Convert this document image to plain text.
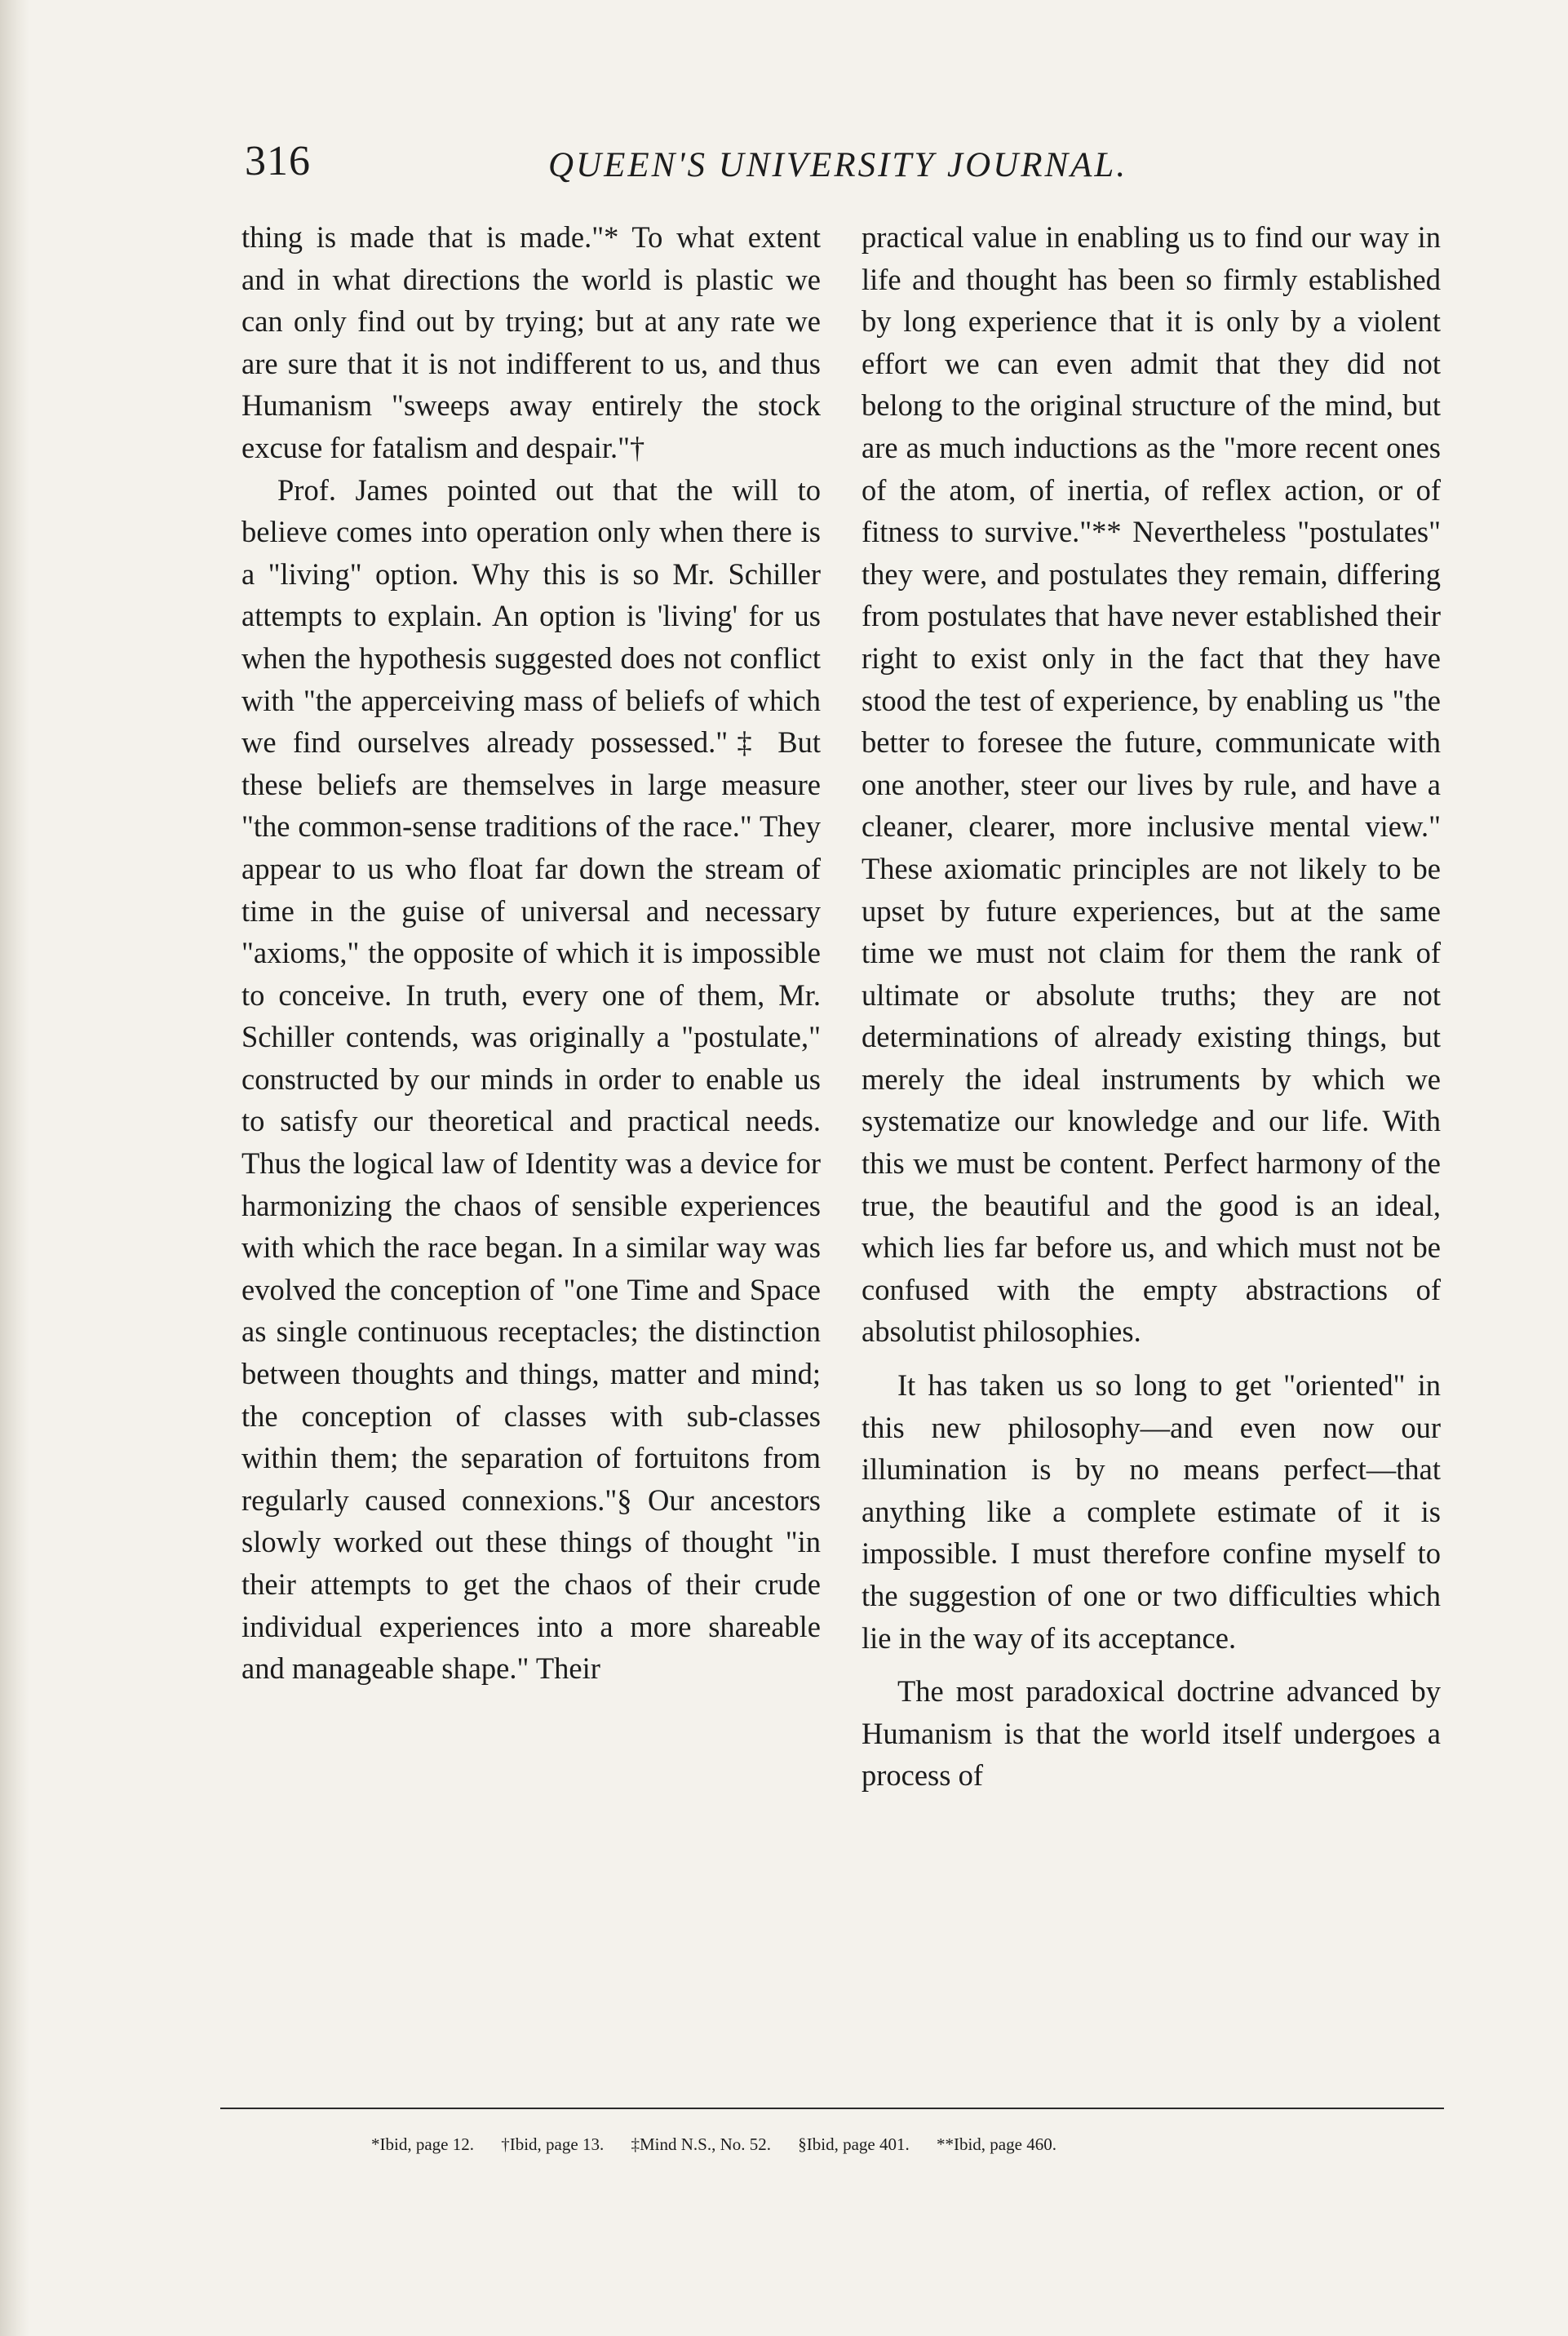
316	QUEEN'S UNIVERSITY JOURNAL.

thing is made that is made."* To what extent and in what directions the world is plastic we can only find out by trying; but at any rate we are sure that it is not indifferent to us, and thus Humanism "sweeps away entirely the stock excuse for fatalism and despair."†

Prof. James pointed out that the will to believe comes into operation only when there is a "living" option. Why this is so Mr. Schiller attempts to explain. An option is 'living' for us when the hypothesis suggested does not conflict with "the apperceiving mass of beliefs of which we find ourselves already possessed."‡ But these beliefs are themselves in large measure "the common-sense traditions of the race." They appear to us who float far down the stream of time in the guise of universal and necessary "axioms," the opposite of which it is impossible to conceive. In truth, every one of them, Mr. Schiller contends, was originally a "postulate," constructed by our minds in order to enable us to satisfy our theoretical and practical needs. Thus the logical law of Identity was a device for harmonizing the chaos of sensible experiences with which the race began. In a similar way was evolved the conception of "one Time and Space as single continuous receptacles; the distinction between thoughts and things, matter and mind; the conception of classes with sub-classes within them; the separation of fortuitons from regularly caused connexions."§ Our ancestors slowly worked out these things of thought "in their attempts to get the chaos of their crude individual experiences into a more shareable and manageable shape." Their

practical value in enabling us to find our way in life and thought has been so firmly established by long experience that it is only by a violent effort we can even admit that they did not belong to the original structure of the mind, but are as much inductions as the "more recent ones of the atom, of inertia, of reflex action, or of fitness to survive."** Nevertheless "postulates" they were, and postulates they remain, differing from postulates that have never established their right to exist only in the fact that they have stood the test of experience, by enabling us "the better to foresee the future, communicate with one another, steer our lives by rule, and have a cleaner, clearer, more inclusive mental view." These axiomatic principles are not likely to be upset by future experiences, but at the same time we must not claim for them the rank of ultimate or absolute truths; they are not determinations of already existing things, but merely the ideal instruments by which we systematize our knowledge and our life. With this we must be content. Perfect harmony of the true, the beautiful and the good is an ideal, which lies far before us, and which must not be confused with the empty abstractions of absolutist philosophies.

It has taken us so long to get "oriented" in this new philosophy—and even now our illumination is by no means perfect—that anything like a complete estimate of it is impossible. I must therefore confine myself to the suggestion of one or two difficulties which lie in the way of its acceptance.

The most paradoxical doctrine advanced by Humanism is that the world itself undergoes a process of

*Ibid, page 12. †Ibid, page 13. ‡Mind N.S., No. 52. §Ibid, page 401. **Ibid, page 460.
